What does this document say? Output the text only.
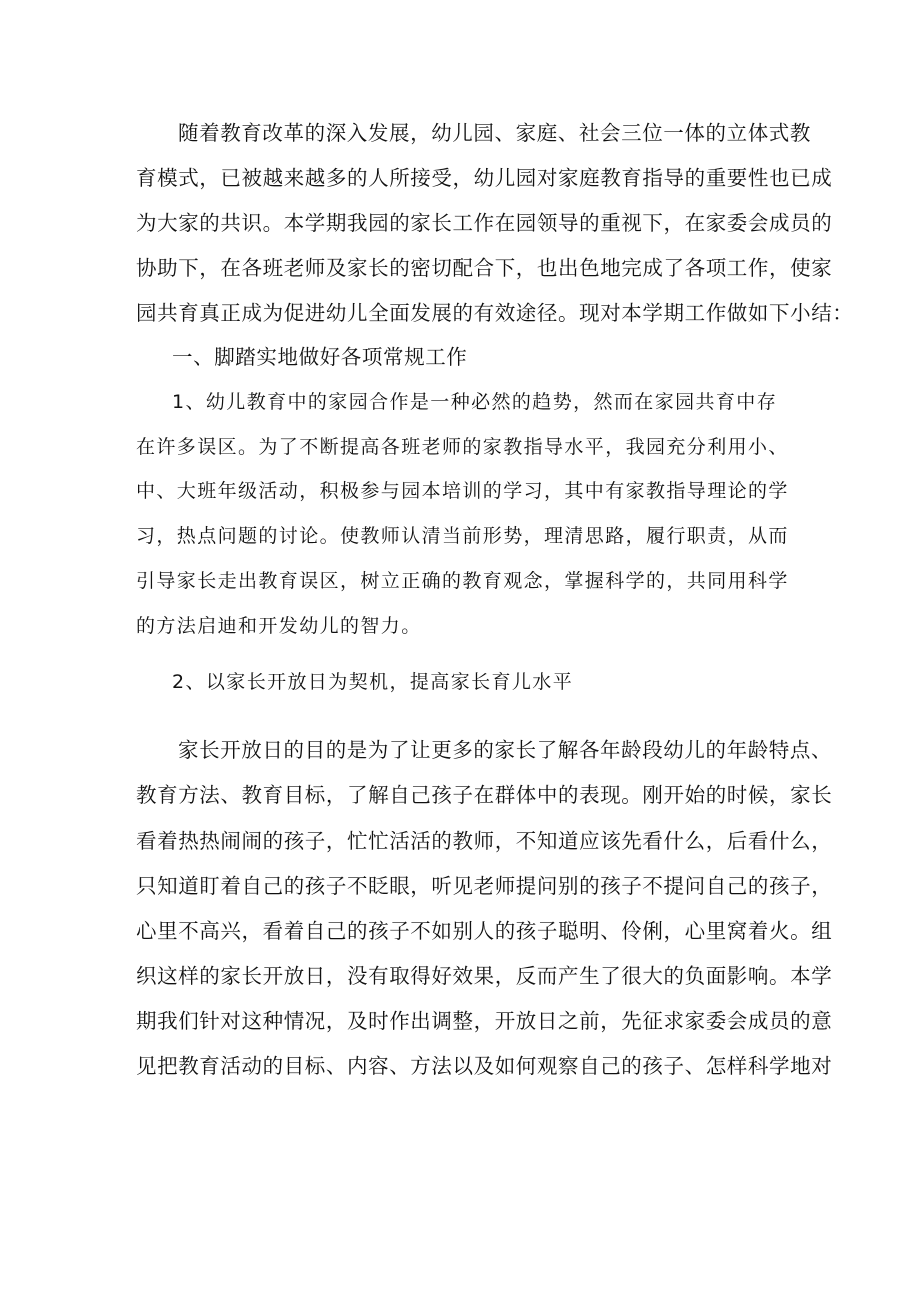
随着教育改革的深入发展，幼儿园、家庭、社会三位一体的立体式教
育模式，已被越来越多的人所接受，幼儿园对家庭教育指导的重要性也已成
为大家的共识。本学期我园的家长工作在园领导的重视下，在家委会成员的
协助下，在各班老师及家长的密切配合下，也出色地完成了各项工作，使家
园共育真正成为促进幼儿全面发展的有效途径。现对本学期工作做如下小结：
一、脚踏实地做好各项常规工作
1、幼儿教育中的家园合作是一种必然的趋势，然而在家园共育中存
在许多误区。为了不断提高各班老师的家教指导水平，我园充分利用小、
中、大班年级活动，积极参与园本培训的学习，其中有家教指导理论的学
习，热点问题的讨论。使教师认清当前形势，理清思路，履行职责，从而
引导家长走出教育误区，树立正确的教育观念，掌握科学的，共同用科学
的方法启迪和开发幼儿的智力。
2、以家长开放日为契机，提高家长育儿水平
家长开放日的目的是为了让更多的家长了解各年龄段幼儿的年龄特点、
教育方法、教育目标，了解自己孩子在群体中的表现。刚开始的时候，家长
看着热热闹闹的孩子，忙忙活活的教师，不知道应该先看什么，后看什么，
只知道盯着自己的孩子不眨眼，听见老师提问别的孩子不提问自己的孩子，
心里不高兴，看着自己的孩子不如别人的孩子聪明、伶俐，心里窝着火。组
织这样的家长开放日，没有取得好效果，反而产生了很大的负面影响。本学
期我们针对这种情况，及时作出调整，开放日之前，先征求家委会成员的意
见把教育活动的目标、内容、方法以及如何观察自己的孩子、怎样科学地对
